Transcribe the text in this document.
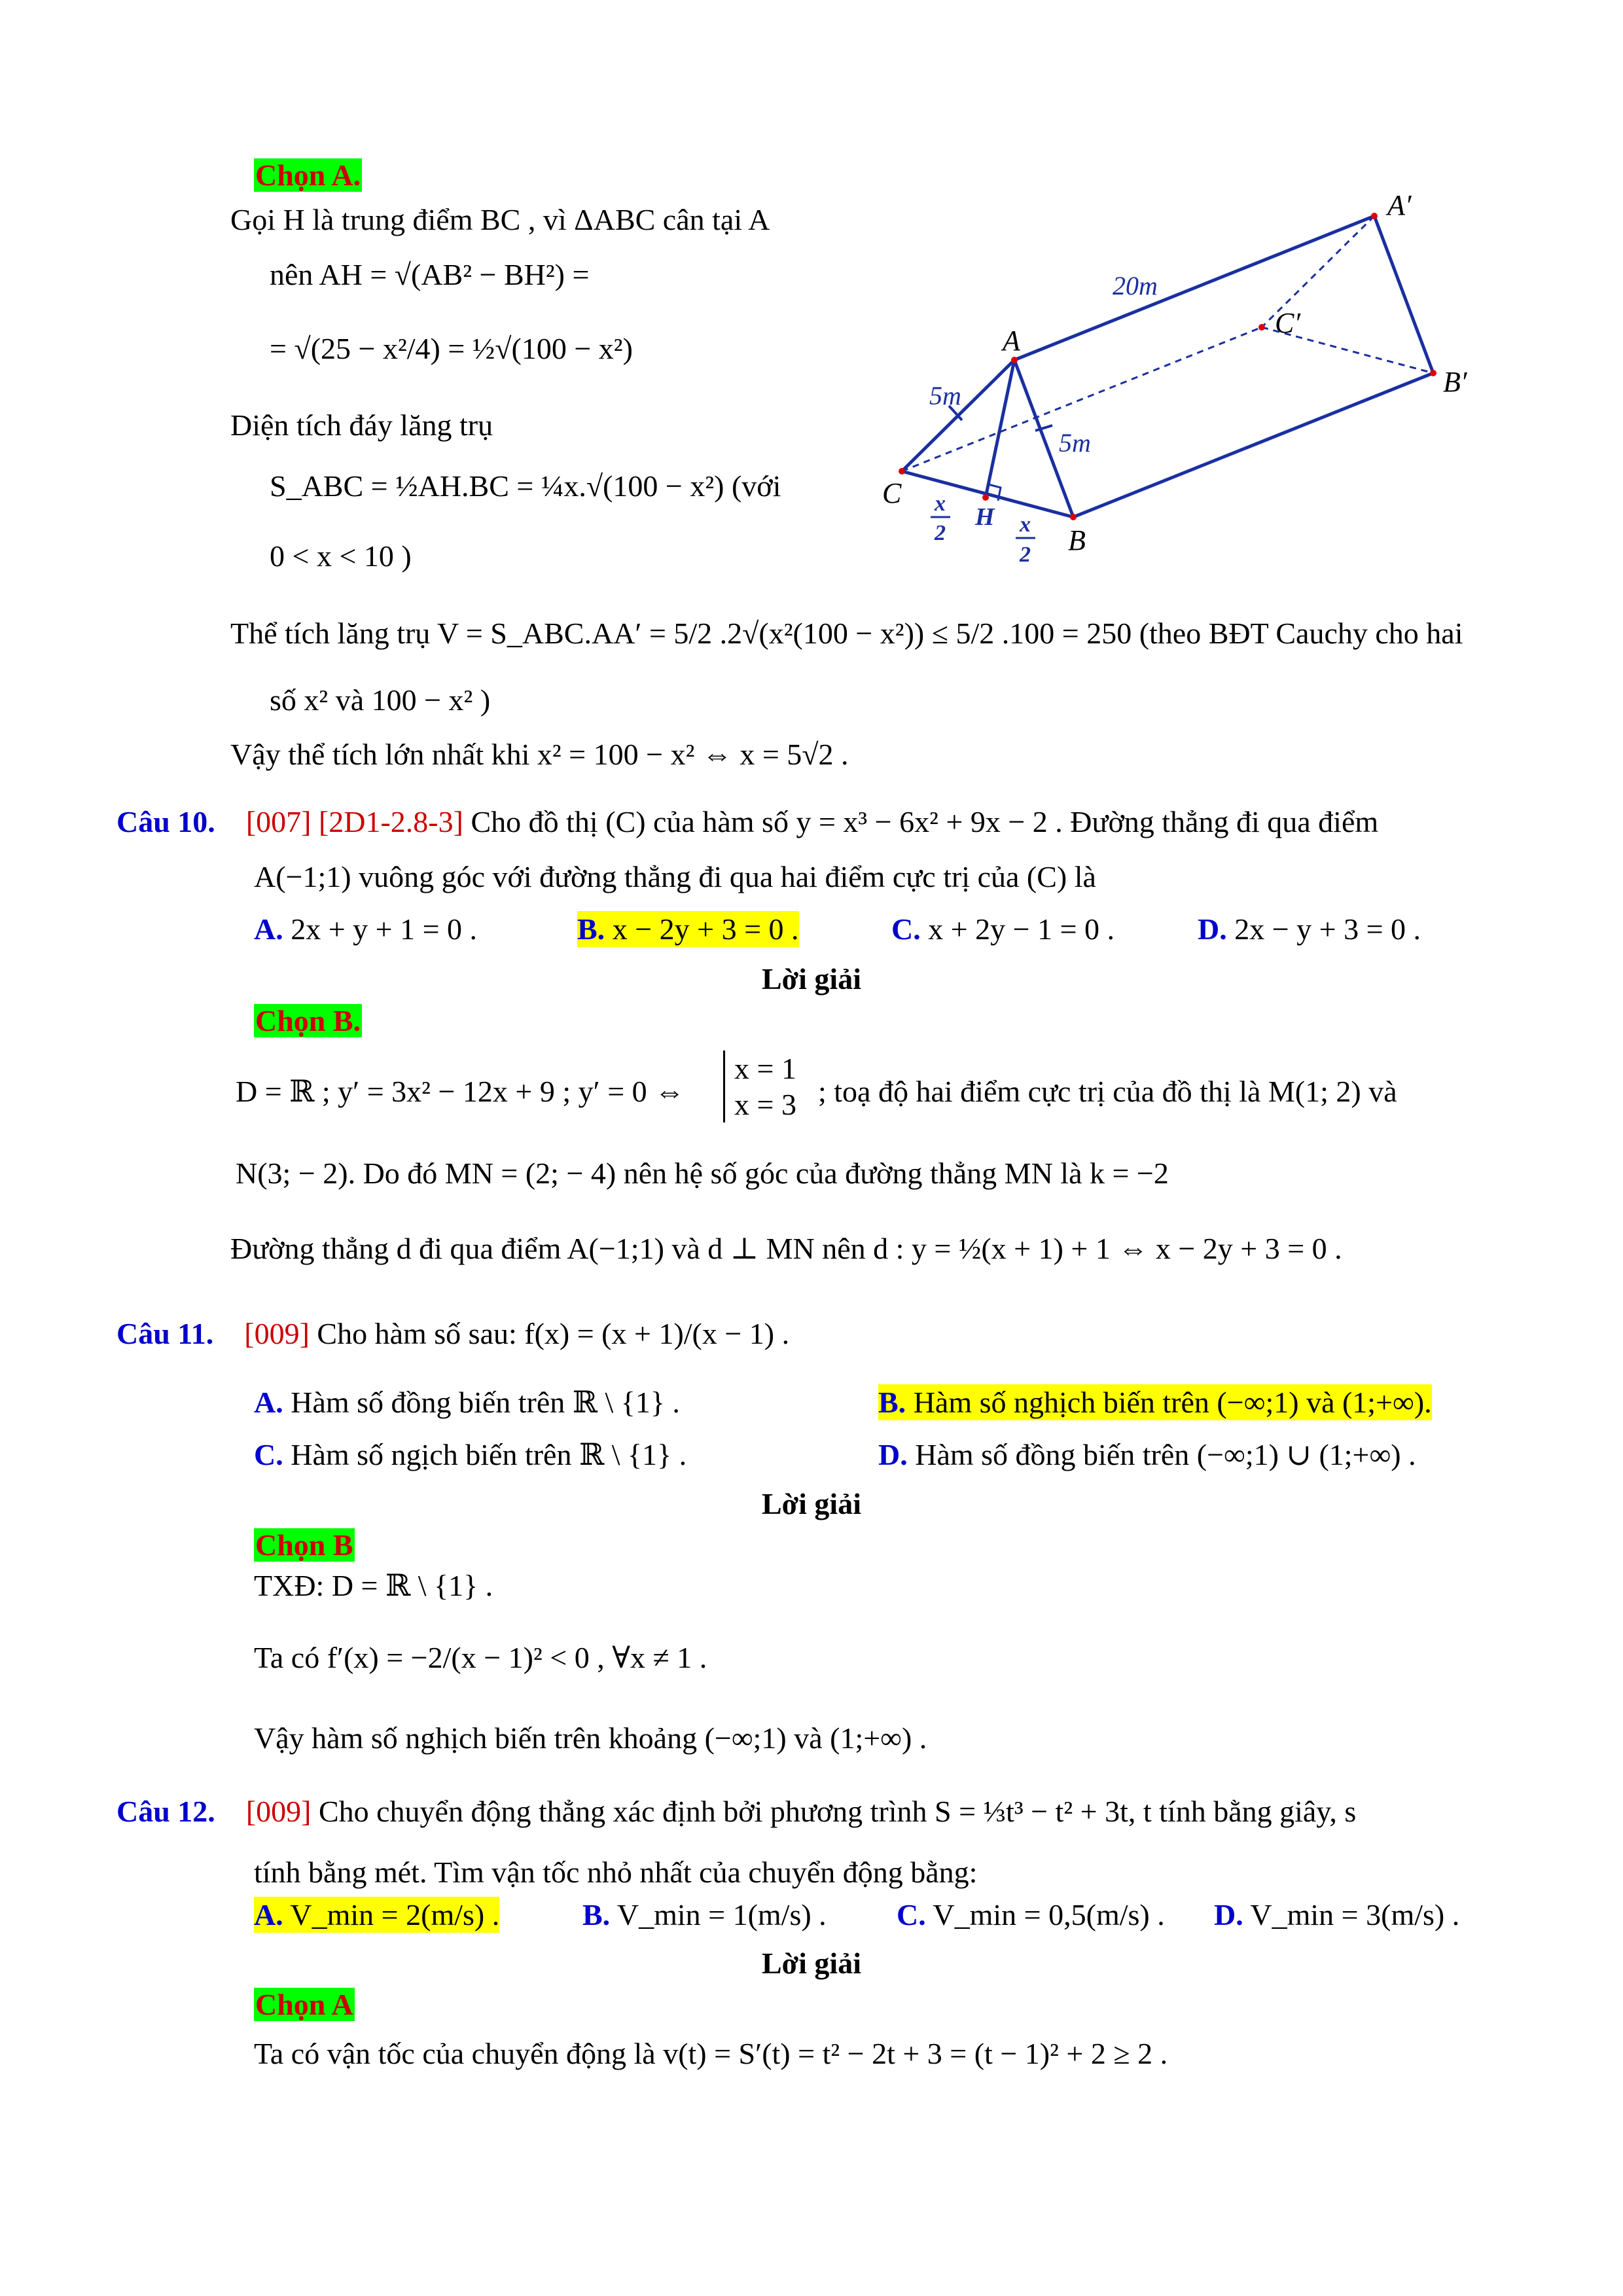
Chọn A.
Gọi H là trung điểm BC , vì ΔABC cân tại A
nên AH = √(AB² − BH²) =
= √(25 − x²/4) = ½√(100 − x²)
Diện tích đáy lăng trụ
S_ABC = ½AH.BC = ¼x.√(100 − x²) (với
0 < x < 10 )
Thể tích lăng trụ V = S_ABC.AA′ = 5/2 .2√(x²(100 − x²)) ≤ 5/2 .100 = 250 (theo BĐT Cauchy cho hai
số x² và 100 − x² )
Vậy thể tích lớn nhất khi x² = 100 − x² ⇔ x = 5√2 .
A
B
C
H
A′
B′
C′
20m
5m
5m
x
2	x
2
Câu 10. [007] [2D1-2.8-3] Cho đồ thị (C) của hàm số y = x³ − 6x² + 9x − 2 . Đường thẳng đi qua điểm
A(−1;1) vuông góc với đường thẳng đi qua hai điểm cực trị của (C) là
A. 2x + y + 1 = 0 .	B. x − 2y + 3 = 0 .	C. x + 2y − 1 = 0 .	D. 2x − y + 3 = 0 .
Lời giải
Chọn B.
D = ℝ ; y′ = 3x² − 12x + 9 ; y′ = 0 ⇔
x = 1
x = 3 ; toạ độ hai điểm cực trị của đồ thị là M(1; 2) và
N(3; − 2). Do đó MN = (2; − 4) nên hệ số góc của đường thẳng MN là k = −2
Đường thẳng d đi qua điểm A(−1;1) và d ⊥ MN nên d : y = ½(x + 1) + 1 ⇔ x − 2y + 3 = 0 .
Câu 11. [009] Cho hàm số sau: f(x) = (x + 1)/(x − 1) .
A. Hàm số đồng biến trên ℝ \ {1} .	B. Hàm số nghịch biến trên (−∞;1) và (1;+∞).
C. Hàm số ngịch biến trên ℝ \ {1} .	D. Hàm số đồng biến trên (−∞;1) ∪ (1;+∞) .
Lời giải
Chọn B
TXĐ: D = ℝ \ {1} .
Ta có f′(x) = −2/(x − 1)² < 0 , ∀x ≠ 1 .
Vậy hàm số nghịch biến trên khoảng (−∞;1) và (1;+∞) .
Câu 12. [009] Cho chuyển động thẳng xác định bởi phương trình S = ⅓t³ − t² + 3t, t tính bằng giây, s
tính bằng mét. Tìm vận tốc nhỏ nhất của chuyển động bằng:
A. V_min = 2(m/s) .	B. V_min = 1(m/s) . C. V_min = 0,5(m/s) . D. V_min = 3(m/s) .
Lời giải
Chọn A
Ta có vận tốc của chuyển động là v(t) = S′(t) = t² − 2t + 3 = (t − 1)² + 2 ≥ 2 .
